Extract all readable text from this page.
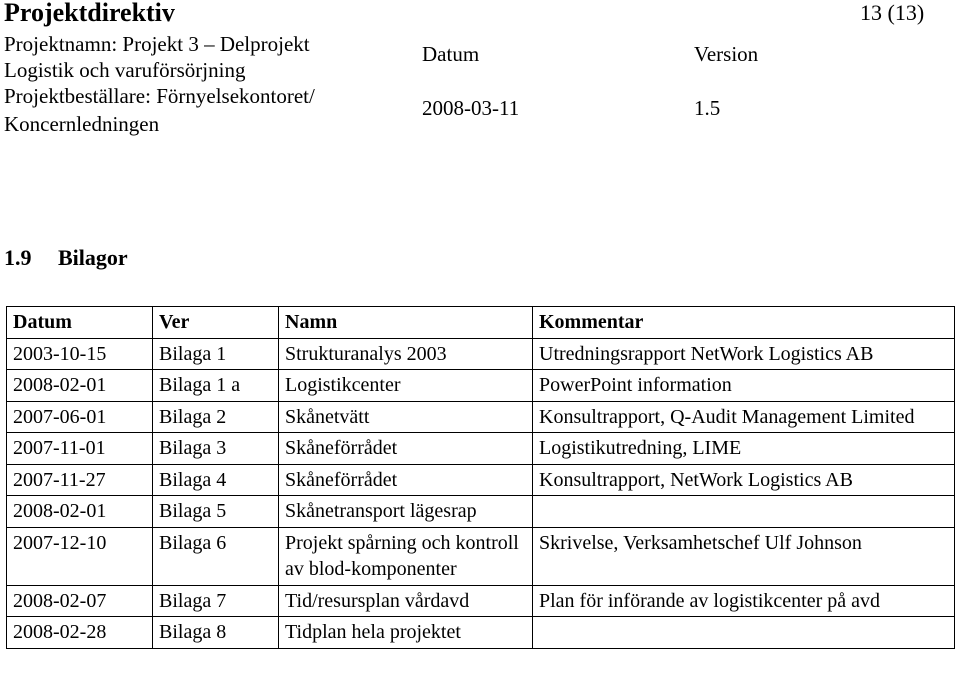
Projektdirektiv	13 (13)
Projektnamn: Projekt 3 – Delprojekt
Logistik och varuförsörjning
Projektbeställare: Förnyelsekontoret/
Koncernledningen
Datum	Version
2008-03-11	1.5
1.9 Bilagor
Datum	Ver	Namn	Kommentar
2003-10-15	Bilaga 1	Strukturanalys 2003	Utredningsrapport NetWork Logistics AB
2008-02-01	Bilaga 1 a	Logistikcenter	PowerPoint information
2007-06-01	Bilaga 2	Skånetvätt	Konsultrapport, Q-Audit Management Limited
2007-11-01	Bilaga 3	Skåneförrådet	Logistikutredning, LIME
2007-11-27	Bilaga 4	Skåneförrådet	Konsultrapport, NetWork Logistics AB
2008-02-01	Bilaga 5	Skånetransport lägesrap	
2007-12-10	Bilaga 6	Projekt spårning och kontroll av blod-komponenter	Skrivelse, Verksamhetschef Ulf Johnson
2008-02-07	Bilaga 7	Tid/resursplan vårdavd	Plan för införande av logistikcenter på avd
2008-02-28	Bilaga 8	Tidplan hela projektet	
